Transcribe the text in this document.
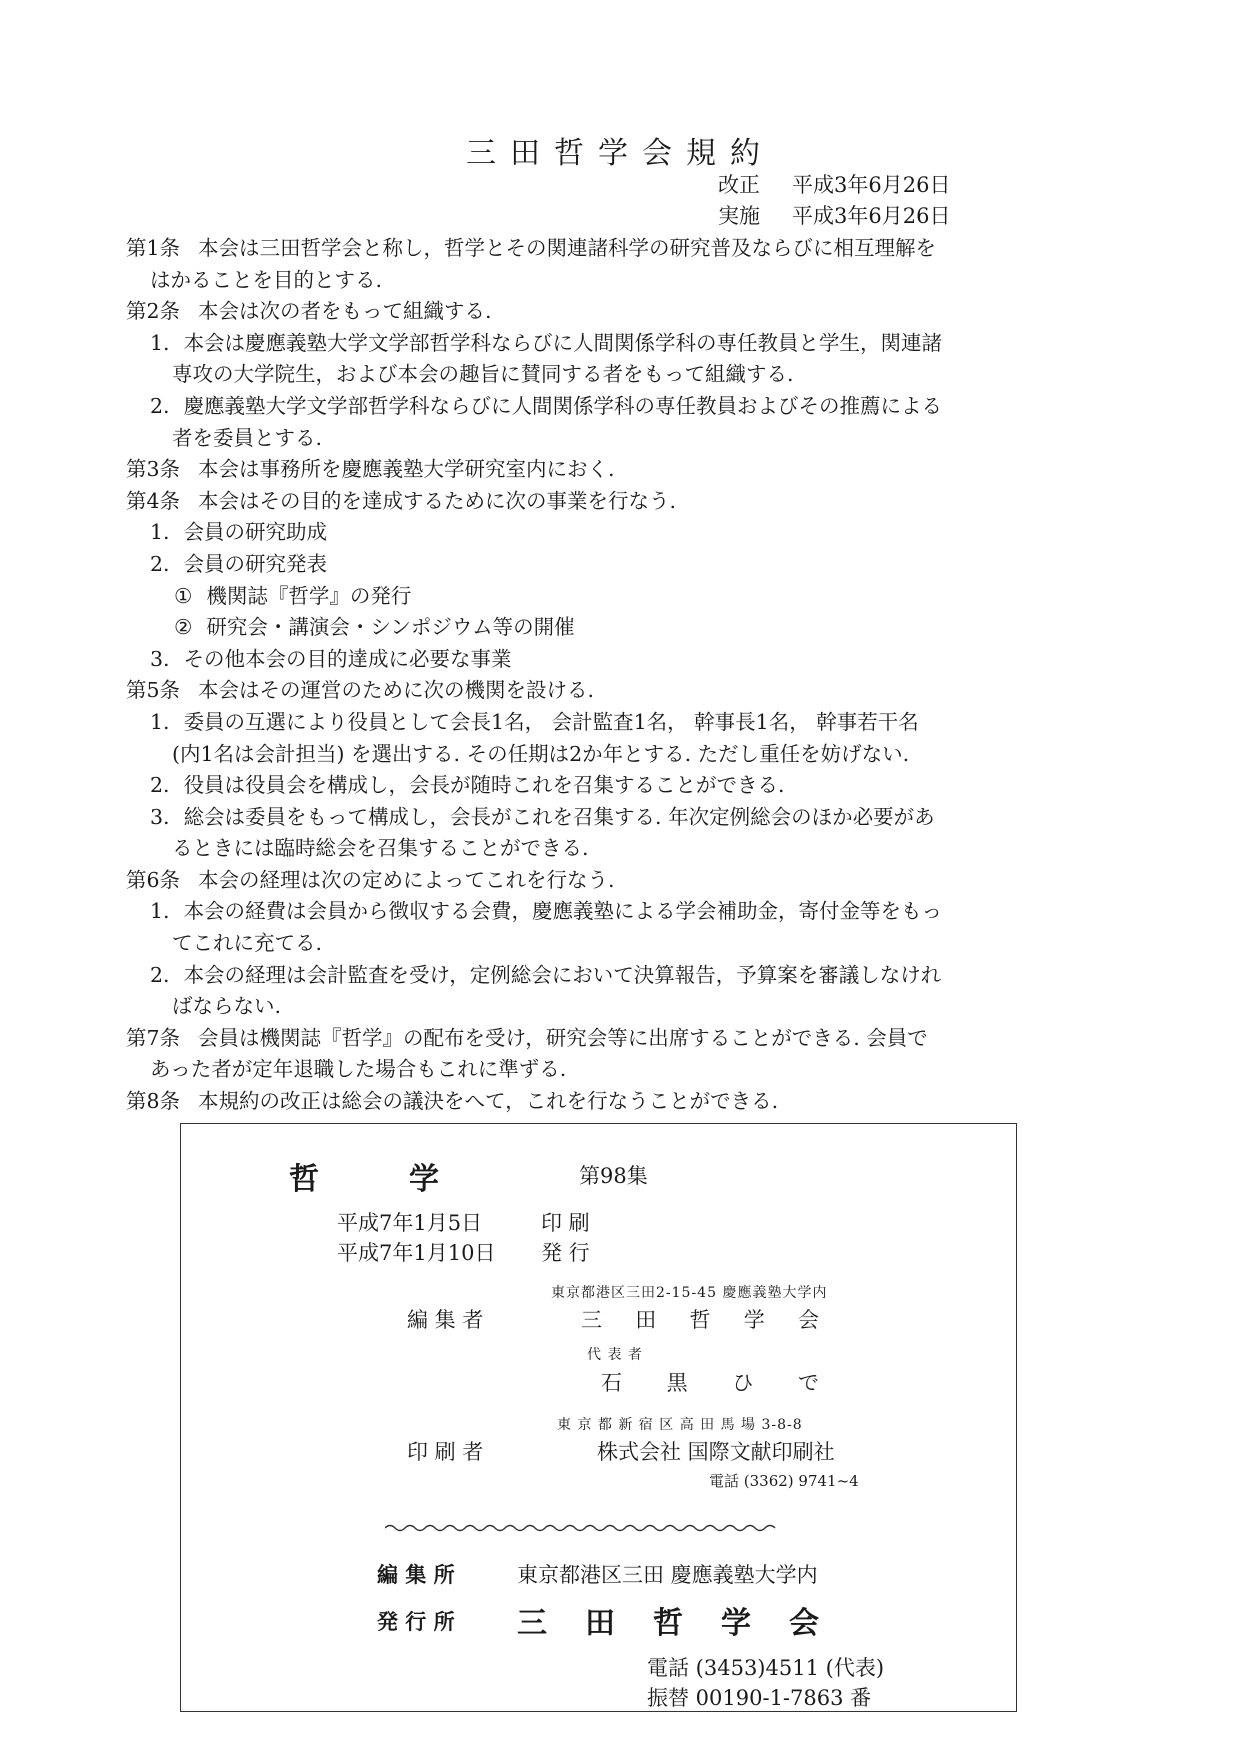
三田哲学会規約
改正 平成3年6月26日
実施 平成3年6月26日
第1条 本会は三田哲学会と称し，哲学とその関連諸科学の研究普及ならびに相互理解を
はかることを目的とする.
第2条 本会は次の者をもって組織する.
1. 本会は慶應義塾大学文学部哲学科ならびに人間関係学科の専任教員と学生，関連諸
専攻の大学院生，および本会の趣旨に賛同する者をもって組織する.
2. 慶應義塾大学文学部哲学科ならびに人間関係学科の専任教員およびその推薦による
者を委員とする.
第3条 本会は事務所を慶應義塾大学研究室内におく.
第4条 本会はその目的を達成するために次の事業を行なう.
1. 会員の研究助成
2. 会員の研究発表
① 機関誌『哲学』の発行
② 研究会・講演会・シンポジウム等の開催
3. その他本会の目的達成に必要な事業
第5条 本会はその運営のために次の機関を設ける.
1. 委員の互選により役員として会長1名， 会計監査1名， 幹事長1名， 幹事若干名
(内1名は会計担当) を選出する. その任期は2か年とする. ただし重任を妨げない.
2. 役員は役員会を構成し，会長が随時これを召集することができる.
3. 総会は委員をもって構成し，会長がこれを召集する. 年次定例総会のほか必要があ
るときには臨時総会を召集することができる.
第6条 本会の経理は次の定めによってこれを行なう.
1. 本会の経費は会員から徴収する会費，慶應義塾による学会補助金，寄付金等をもっ
てこれに充てる.
2. 本会の経理は会計監査を受け，定例総会において決算報告，予算案を審議しなけれ
ばならない.
第7条 会員は機関誌『哲学』の配布を受け，研究会等に出席することができる. 会員で
あった者が定年退職した場合もこれに準ずる.
第8条 本規約の改正は総会の議決をへて，これを行なうことができる.
哲	学	第98集
平成7年1月5日	印 刷
平成7年1月10日 発 行
東京都港区三田2-15-45 慶應義塾大学内
編 集 者	三 田 哲 学 会
代 表 者
石 黒 ひ で
東 京 都 新 宿 区 高 田 馬 場 3-8-8
印 刷 者	株式会社 国際文献印刷社
電話 (3362) 9741~4
編 集 所	東京都港区三田 慶應義塾大学内
発 行 所 三 田 哲 学 会
電話 (3453)4511 (代表)
振替 00190-1-7863 番
